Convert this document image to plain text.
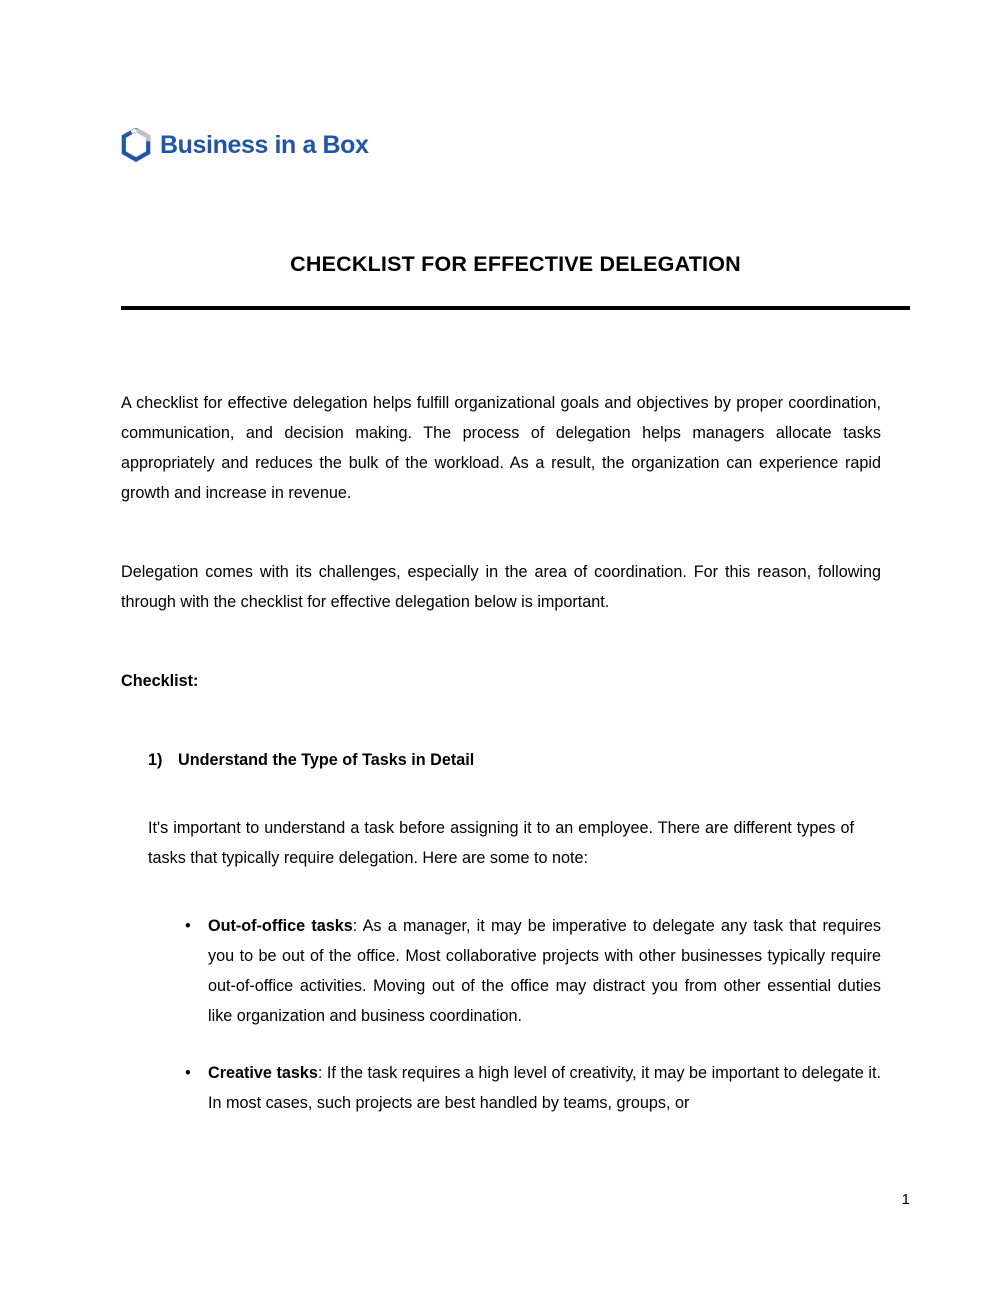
Business in a Box
CHECKLIST FOR EFFECTIVE DELEGATION

A checklist for effective delegation helps fulfill organizational goals and objectives by proper coordination, communication, and decision making. The process of delegation helps managers allocate tasks appropriately and reduces the bulk of the workload. As a result, the organization can experience rapid growth and increase in revenue.

Delegation comes with its challenges, especially in the area of coordination. For this reason, following through with the checklist for effective delegation below is important.

Checklist:

1) Understand the Type of Tasks in Detail

It's important to understand a task before assigning it to an employee. There are different types of tasks that typically require delegation. Here are some to note:

•	Out-of-office tasks: As a manager, it may be imperative to delegate any task that requires you to be out of the office. Most collaborative projects with other businesses typically require out-of-office activities. Moving out of the office may distract you from other essential duties like organization and business coordination.
•	Creative tasks: If the task requires a high level of creativity, it may be important to delegate it. In most cases, such projects are best handled by teams, groups, or
1
